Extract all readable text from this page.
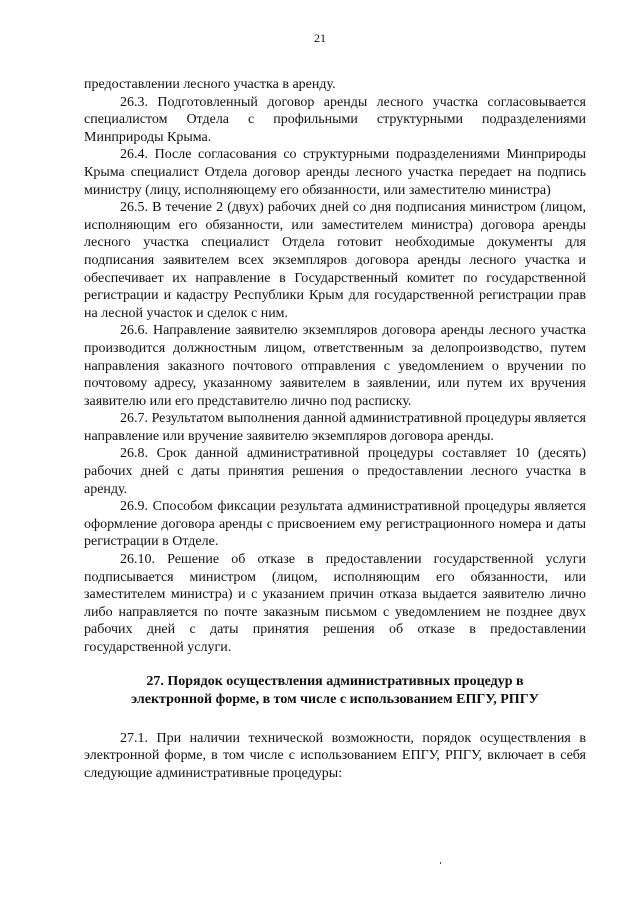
21

предоставлении лесного участка в аренду.

26.3. Подготовленный договор аренды лесного участка согласовывается специалистом Отдела с профильными структурными подразделениями Минприроды Крыма.

26.4. После согласования со структурными подразделениями Минприроды Крыма специалист Отдела договор аренды лесного участка передает на подпись министру (лицу, исполняющему его обязанности, или заместителю министра)

26.5. В течение 2 (двух) рабочих дней со дня подписания министром (лицом, исполняющим его обязанности, или заместителем министра) договора аренды лесного участка специалист Отдела готовит необходимые документы для подписания заявителем всех экземпляров договора аренды лесного участка и обеспечивает их направление в Государственный комитет по государственной регистрации и кадастру Республики Крым для государственной регистрации прав на лесной участок и сделок с ним.

26.6. Направление заявителю экземпляров договора аренды лесного участка производится должностным лицом, ответственным за делопроизводство, путем направления заказного почтового отправления с уведомлением о вручении по почтовому адресу, указанному заявителем в заявлении, или путем их вручения заявителю или его представителю лично под расписку.

26.7. Результатом выполнения данной административной процедуры является направление или вручение заявителю экземпляров договора аренды.

26.8. Срок данной административной процедуры составляет 10 (десять) рабочих дней с даты принятия решения о предоставлении лесного участка в аренду.

26.9. Способом фиксации результата административной процедуры является оформление договора аренды с присвоением ему регистрационного номера и даты регистрации в Отделе.

26.10. Решение об отказе в предоставлении государственной услуги подписывается министром (лицом, исполняющим его обязанности, или заместителем министра) и с указанием причин отказа выдается заявителю лично либо направляется по почте заказным письмом с уведомлением не позднее двух рабочих дней с даты принятия решения об отказе в предоставлении государственной услуги.

27. Порядок осуществления административных процедур в
электронной форме, в том числе с использованием ЕПГУ, РПГУ

27.1. При наличии технической возможности, порядок осуществления в электронной форме, в том числе с использованием ЕПГУ, РПГУ, включает в себя следующие административные процедуры:
